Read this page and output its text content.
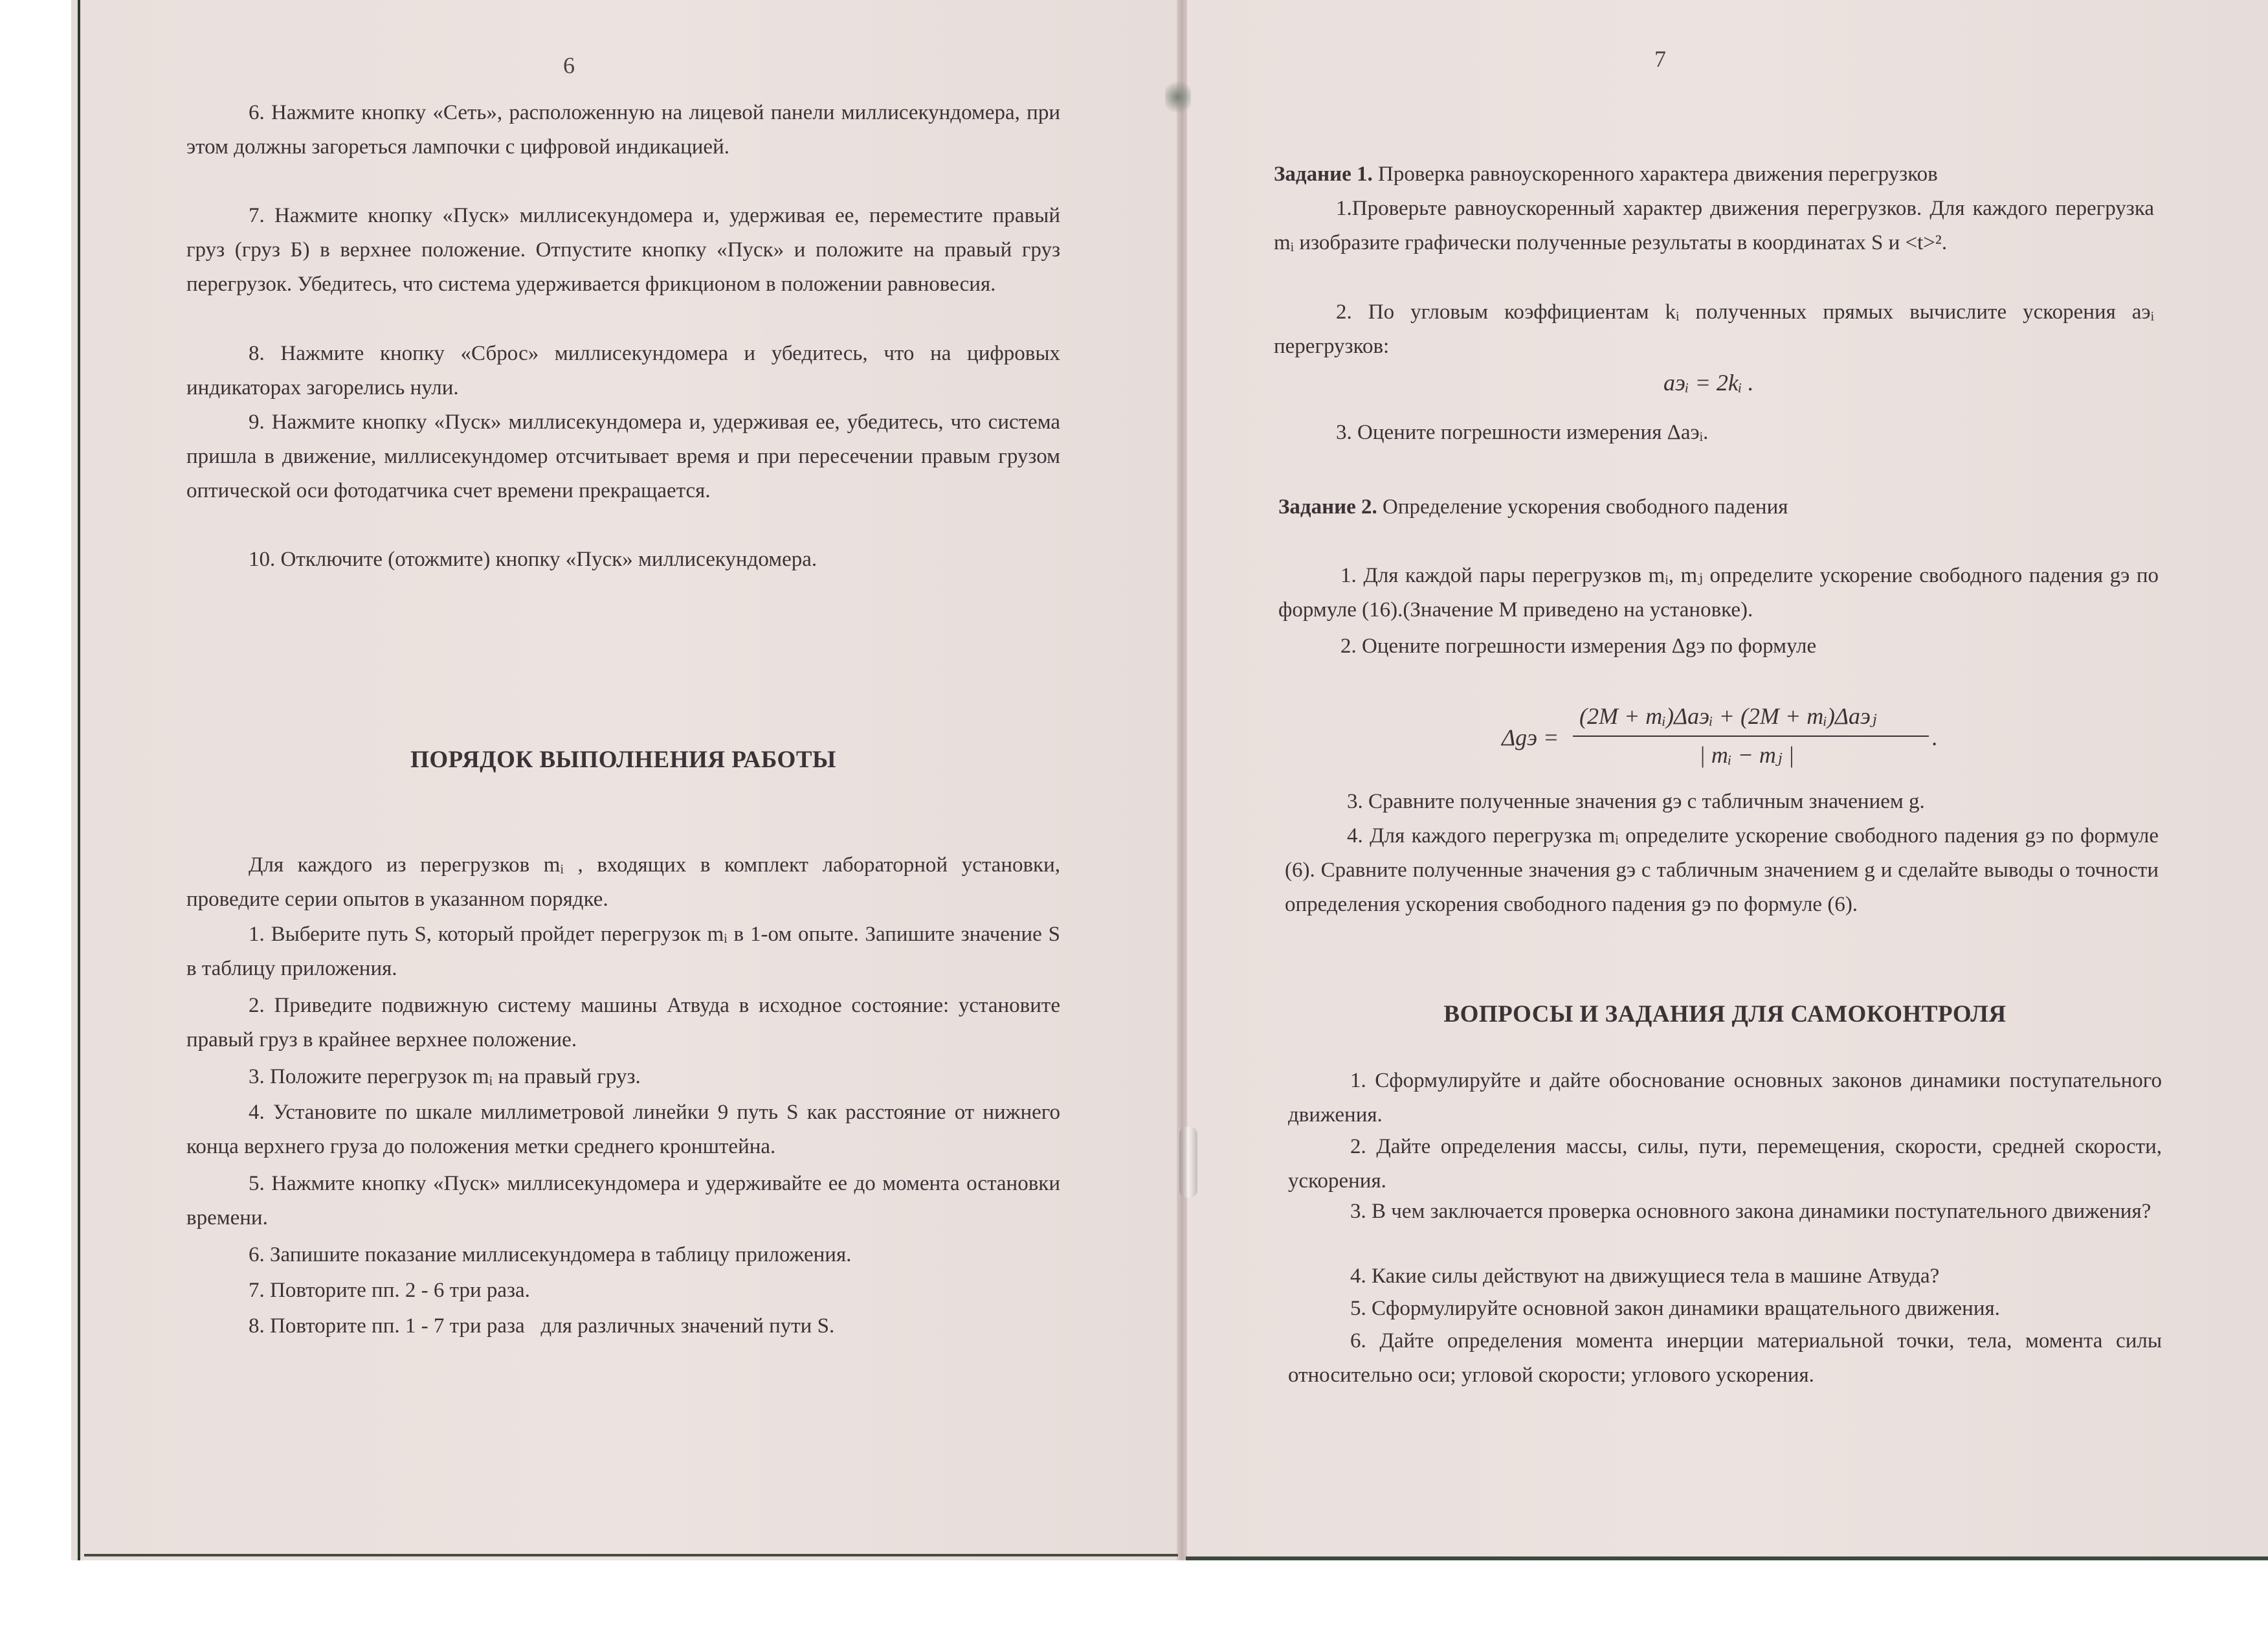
6

6. Нажмите кнопку «Сеть», расположенную на лицевой панели миллисекундомера, при этом должны загореться лампочки с цифровой индикацией.

7. Нажмите кнопку «Пуск» миллисекундомера и, удерживая ее, переместите правый груз (груз Б) в верхнее положение. Отпустите кнопку «Пуск» и положите на правый груз перегрузок. Убедитесь, что система удерживается фрикционом в положении равновесия.

8. Нажмите кнопку «Сброс» миллисекундомера и убедитесь, что на цифровых индикаторах загорелись нули.

9. Нажмите кнопку «Пуск» миллисекундомера и, удерживая ее, убедитесь, что система пришла в движение, миллисекундомер отсчитывает время и при пересечении правым грузом оптической оси фотодатчика счет времени прекращается.

10. Отключите (отожмите) кнопку «Пуск» миллисекундомера.

ПОРЯДОК ВЫПОЛНЕНИЯ РАБОТЫ

Для каждого из перегрузков mᵢ , входящих в комплект лабораторной установки, проведите серии опытов в указанном порядке.

1. Выберите путь S, который пройдет перегрузок mᵢ в 1-ом опыте. Запишите значение S в таблицу приложения.

2. Приведите подвижную систему машины Атвуда в исходное состояние: установите правый груз в крайнее верхнее положение.

3. Положите перегрузок mᵢ на правый груз.

4. Установите по шкале миллиметровой линейки 9 путь S как расстояние от нижнего конца верхнего груза до положения метки среднего кронштейна.

5. Нажмите кнопку «Пуск» миллисекундомера и удерживайте ее до момента остановки времени.

6. Запишите показание миллисекундомера в таблицу приложения.

7. Повторите пп. 2 - 6 три раза.

8. Повторите пп. 1 - 7 три раза   для различных значений пути S.

7

Задание 1. Проверка равноускоренного характера движения перегрузков

1.Проверьте равноускоренный характер движения перегрузков. Для каждого перегрузка mᵢ изобразите графически полученные результаты в координатах S и <t>².

2. По угловым коэффициентам kᵢ полученных прямых вычислите ускорения aэᵢ перегрузков:

aэᵢ = 2kᵢ .

3. Оцените погрешности измерения Δaэᵢ.

Задание 2. Определение ускорения свободного падения

1. Для каждой пары перегрузков mᵢ, mⱼ определите ускорение свободного падения gэ по формуле (16).(Значение M приведено на установке).

2. Оцените погрешности измерения Δgэ по формуле

Δgэ =
(2M + mᵢ)Δaэᵢ + (2M + mᵢ)Δaэⱼ
| mᵢ − mⱼ |
.

3. Сравните полученные значения gэ с табличным значением g.

4. Для каждого перегрузка mᵢ определите ускорение свободного падения gэ по формуле (6). Сравните полученные значения gэ с табличным значением g и сделайте выводы о точности определения ускорения свободного падения gэ по формуле (6).

ВОПРОСЫ И ЗАДАНИЯ ДЛЯ САМОКОНТРОЛЯ

1. Сформулируйте и дайте обоснование основных законов динамики поступательного движения.

2. Дайте определения массы, силы, пути, перемещения, скорости, средней скорости, ускорения.

3. В чем заключается проверка основного закона динамики поступательного движения?

4. Какие силы действуют на движущиеся тела в машине Атвуда?

5. Сформулируйте основной закон динамики вращательного движения.

6. Дайте определения момента инерции материальной точки, тела, момента силы относительно оси; угловой скорости; углового ускорения.
